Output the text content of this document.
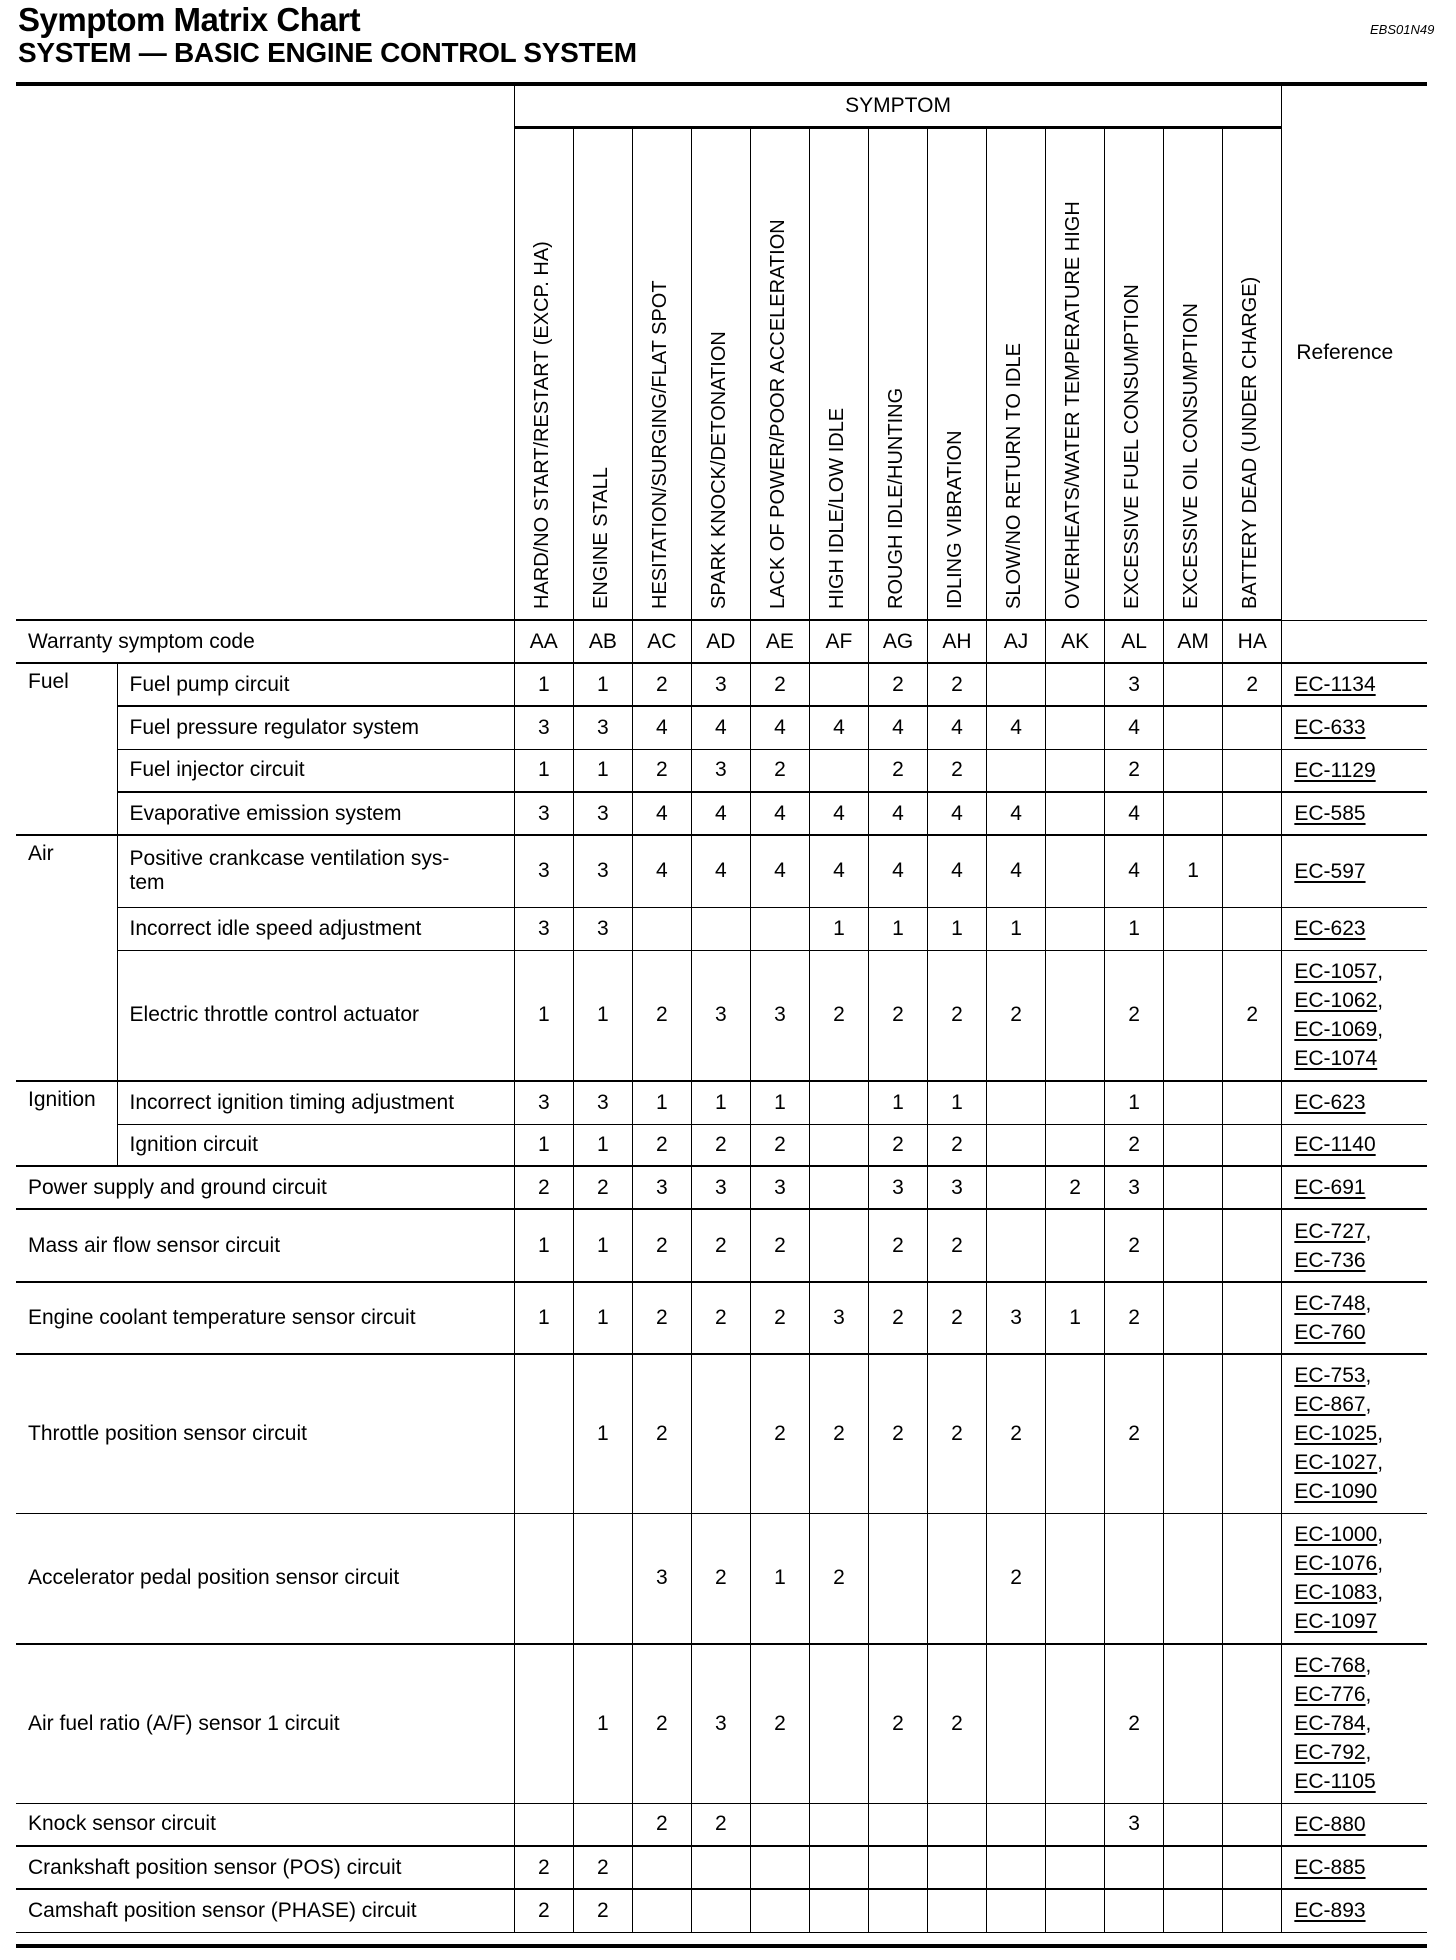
Symptom Matrix Chart
SYSTEM — BASIC ENGINE CONTROL SYSTEM
EBS01N49
		SYMPTOM													Reference

		HARD/NO START/RESTART (EXCP. HA)	ENGINE STALL	HESITATION/SURGING/FLAT SPOT	SPARK KNOCK/DETONATION	LACK OF POWER/POOR ACCELERATION	HIGH IDLE/LOW IDLE	ROUGH IDLE/HUNTING	IDLING VIBRATION	SLOW/NO RETURN TO IDLE	OVERHEATS/WATER TEMPERATURE HIGH	EXCESSIVE FUEL CONSUMPTION	EXCESSIVE OIL CONSUMPTION	BATTERY DEAD (UNDER CHARGE)	

Warranty symptom code		AA	AB	AC	AD	AE	AF	AG	AH	AJ	AK	AL	AM	HA	
Fuel	Fuel pump circuit	1	1	2	3	2		2	2			3		2	EC-1134
	Fuel pressure regulator system	3	3	4	4	4	4	4	4	4		4			EC-633
	Fuel injector circuit	1	1	2	3	2		2	2			2			EC-1129
	Evaporative emission system	3	3	4	4	4	4	4	4	4		4			EC-585
Air	Positive crankcase ventilation sys-
tem	3	3	4	4	4	4	4	4	4		4	1		EC-597
	Incorrect idle speed adjustment	3	3				1	1	1	1		1			EC-623
	Electric throttle control actuator	1	1	2	3	3	2	2	2	2		2		2	EC-1057,
EC-1062,
EC-1069,
EC-1074
Ignition	Incorrect ignition timing adjustment	3	3	1	1	1		1	1			1			EC-623
	Ignition circuit	1	1	2	2	2		2	2			2			EC-1140
Power supply and ground circuit		2	2	3	3	3		3	3		2	3			EC-691
Mass air flow sensor circuit		1	1	2	2	2		2	2			2			EC-727,
EC-736
Engine coolant temperature sensor circuit		1	1	2	2	2	3	2	2	3	1	2			EC-748,
EC-760
Throttle position sensor circuit			1	2		2	2	2	2	2		2			EC-753,
EC-867,
EC-1025,
EC-1027,
EC-1090
Accelerator pedal position sensor circuit				3	2	1	2			2					EC-1000,
EC-1076,
EC-1083,
EC-1097
Air fuel ratio (A/F) sensor 1 circuit			1	2	3	2		2	2			2			EC-768,
EC-776,
EC-784,
EC-792,
EC-1105
Knock sensor circuit				2	2							3			EC-880
Crankshaft position sensor (POS) circuit		2	2												EC-885
Camshaft position sensor (PHASE) circuit		2	2												EC-893
